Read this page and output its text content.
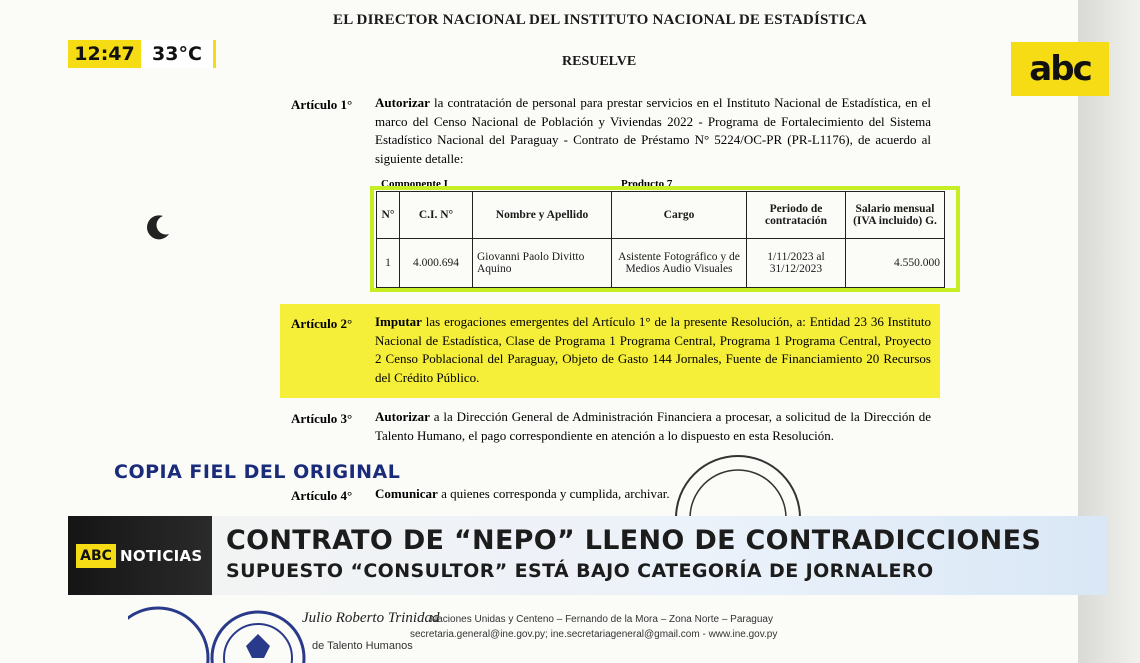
EL DIRECTOR NACIONAL DEL INSTITUTO NACIONAL DE ESTADÍSTICA
RESUELVE
Artículo 1° Autorizar la contratación de personal para prestar servicios en el Instituto Nacional de Estadística, en el marco del Censo Nacional de Población y Viviendas 2022 - Programa de Fortalecimiento del Sistema Estadístico Nacional del Paraguay - Contrato de Préstamo N° 5224/OC-PR (PR-L1176), de acuerdo al siguiente detalle:
Componente I	Producto 7
N°	C.I. N°	Nombre y Apellido	Cargo	Periodo de contratación	Salario mensual (IVA incluido) G.
1	4.000.694	Giovanni Paolo Divitto Aquino	Asistente Fotográfico y de Medios Audio Visuales	1/11/2023 al 31/12/2023	4.550.000
Artículo 2° Imputar las erogaciones emergentes del Artículo 1° de la presente Resolución, a: Entidad 23 36 Instituto Nacional de Estadística, Clase de Programa 1 Programa Central, Programa 1 Programa Central, Proyecto 2 Censo Poblacional del Paraguay, Objeto de Gasto 144 Jornales, Fuente de Financiamiento 20 Recursos del Crédito Público.
Artículo 3° Autorizar a la Dirección General de Administración Financiera a procesar, a solicitud de la Dirección de Talento Humano, el pago correspondiente en atención a lo dispuesto en esta Resolución.
Artículo 4° Comunicar a quienes corresponda y cumplida, archivar.
COPIA FIEL DEL ORIGINAL
Julio Roberto Trinidad
de Talento Humanos
Naciones Unidas y Centeno – Fernando de la Mora – Zona Norte – Paraguay
secretaria.general@ine.gov.py; ine.secretariageneral@gmail.com - www.ine.gov.py
12:47 33°C	abc
ABC NOTICIAS CONTRATO DE “NEPO” LLENO DE CONTRADICCIONES
SUPUESTO “CONSULTOR” ESTÁ BAJO CATEGORÍA DE JORNALERO
